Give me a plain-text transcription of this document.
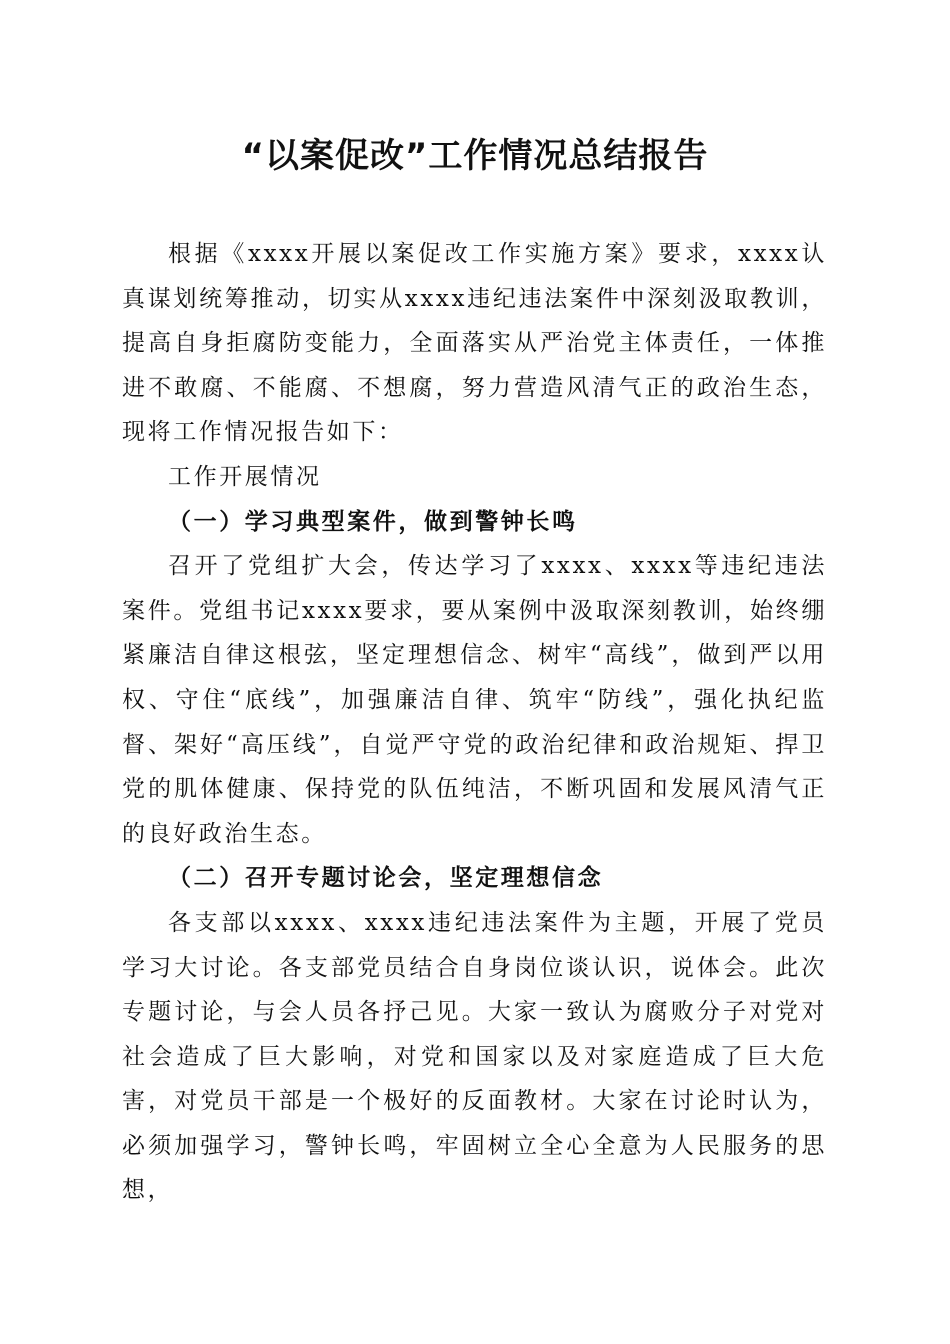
“以案促改”工作情况总结报告

根据《xxxx开展以案促改工作实施方案》要求，xxxx认真谋划统筹推动，切实从xxxx违纪违法案件中深刻汲取教训，提高自身拒腐防变能力，全面落实从严治党主体责任，一体推进不敢腐、不能腐、不想腐，努力营造风清气正的政治生态，现将工作情况报告如下：

工作开展情况

（一）学习典型案件，做到警钟长鸣

召开了党组扩大会，传达学习了xxxx、xxxx等违纪违法案件。党组书记xxxx要求，要从案例中汲取深刻教训，始终绷紧廉洁自律这根弦，坚定理想信念、树牢“高线”，做到严以用权、守住“底线”，加强廉洁自律、筑牢“防线”，强化执纪监督、架好“高压线”，自觉严守党的政治纪律和政治规矩、捍卫党的肌体健康、保持党的队伍纯洁，不断巩固和发展风清气正的良好政治生态。

（二）召开专题讨论会，坚定理想信念

各支部以xxxx、xxxx违纪违法案件为主题，开展了党员学习大讨论。各支部党员结合自身岗位谈认识，说体会。此次专题讨论，与会人员各抒己见。大家一致认为腐败分子对党对社会造成了巨大影响，对党和国家以及对家庭造成了巨大危害，对党员干部是一个极好的反面教材。大家在讨论时认为，必须加强学习，警钟长鸣，牢固树立全心全意为人民服务的思想，
